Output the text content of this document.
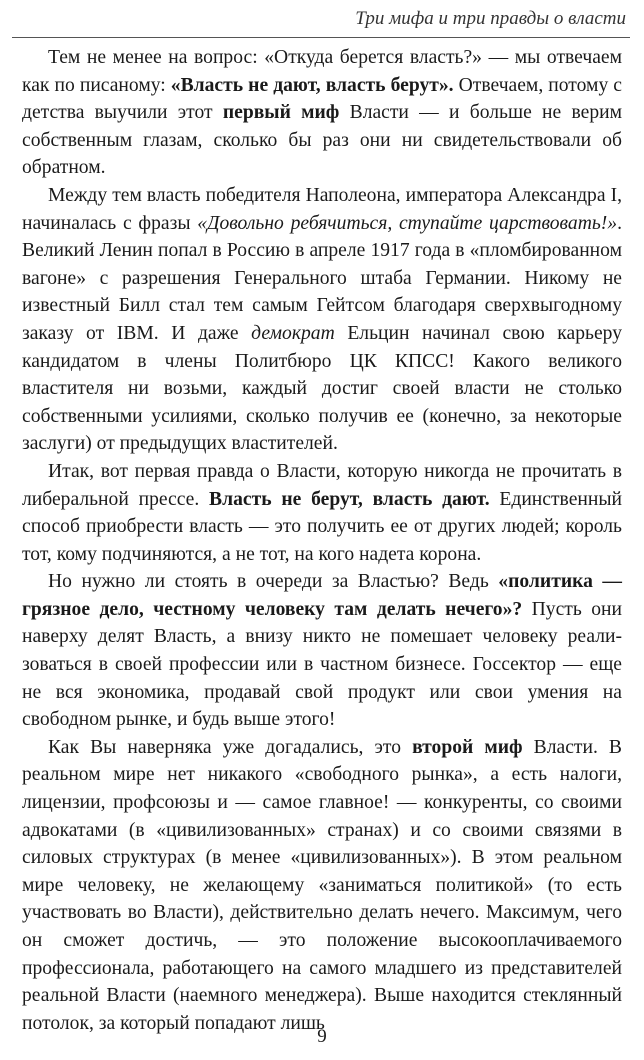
Три мифа и три правды о власти

Тем не менее на вопрос: «Откуда берется власть?» — мы отвечаем как по писаному: «Власть не дают, власть берут». Отвечаем, потому с детства выучили этот первый миф Власти — и больше не верим собственным глазам, сколько бы раз они ни свидетельствовали об обратном.

Между тем власть победителя Наполеона, императора Александра I, начиналась с фразы «Довольно ребячиться, ступайте царствовать!». Великий Ленин попал в Россию в апреле 1917 года в «пломбированном вагоне» с разрешения Генерального штаба Германии. Никому не известный Билл стал тем самым Гейтсом благодаря сверхвыгодному заказу от IBM. И даже демократ Ельцин начинал свою карьеру кандидатом в члены Политбюро ЦК КПСС! Какого великого властителя ни возьми, каждый достиг своей власти не столько собственными усилиями, сколько получив ее (конечно, за некоторые заслуги) от предыдущих властителей.

Итак, вот первая правда о Власти, которую никогда не прочитать в либеральной прессе. Власть не берут, власть дают. Единственный способ приобрести власть — это получить ее от других людей; король тот, кому подчиняются, а не тот, на кого надета корона.

Но нужно ли стоять в очереди за Властью? Ведь «политика — грязное дело, честному человеку там делать нечего»? Пусть они наверху делят Власть, а внизу никто не помешает человеку реализоваться в своей профессии или в частном бизнесе. Госсектор — еще не вся экономика, продавай свой продукт или свои умения на свободном рынке, и будь выше этого!

Как Вы наверняка уже догадались, это второй миф Власти. В реальном мире нет никакого «свободного рынка», а есть налоги, лицензии, профсоюзы и — самое главное! — конкуренты, со своими адвокатами (в «цивилизованных» странах) и со своими связями в силовых структурах (в менее «цивилизованных»). В этом реальном мире человеку, не желающему «заниматься политикой» (то есть участвовать во Власти), действительно делать нечего. Максимум, чего он сможет достичь, — это положение высокооплачиваемого профессионала, работающего на самого младшего из представителей реальной Власти (наемного менеджера). Выше находится стеклянный потолок, за который попадают лишь

9
